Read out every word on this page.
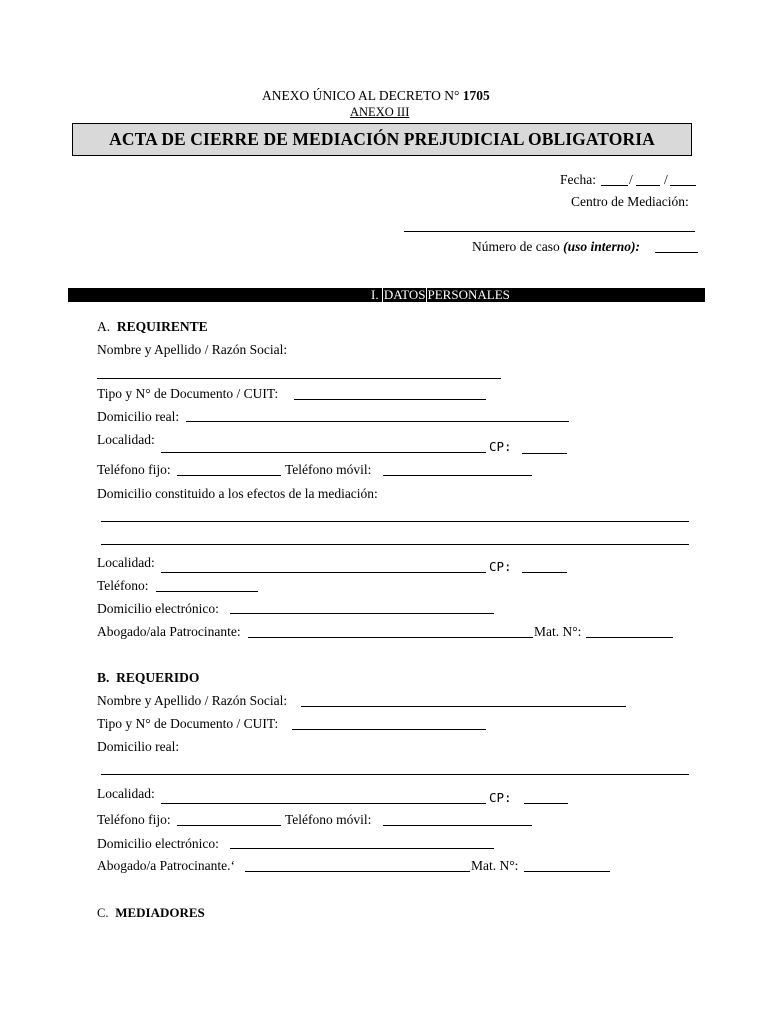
ANEXO ÚNICO AL DECRETO N° 1705
ANEXO III
ACTA DE CIERRE DE MEDIACIÓN PREJUDICIAL OBLIGATORIA
Fecha: / /
Centro de Mediación:
Número de caso (uso interno):
I. DATOS PERSONALES
A. REQUIRENTE
Nombre y Apellido / Razón Social:
Tipo y N° de Documento / CUIT:
Domicilio real:
Localidad:	CP:
Teléfono fijo:	Teléfono móvil:
Domicilio constituido a los efectos de la mediación:
Localidad:	CP:
Teléfono:
Domicilio electrónico:
Abogado/ala Patrocinante:	Mat. N°:
B. REQUERIDO
Nombre y Apellido / Razón Social:
Tipo y N° de Documento / CUIT:
Domicilio real:
Localidad:	CP:
Teléfono fijo:	Teléfono móvil:
Domicilio electrónico:
Abogado/a Patrocinante.‘	Mat. N°:
C. MEDIADORES
